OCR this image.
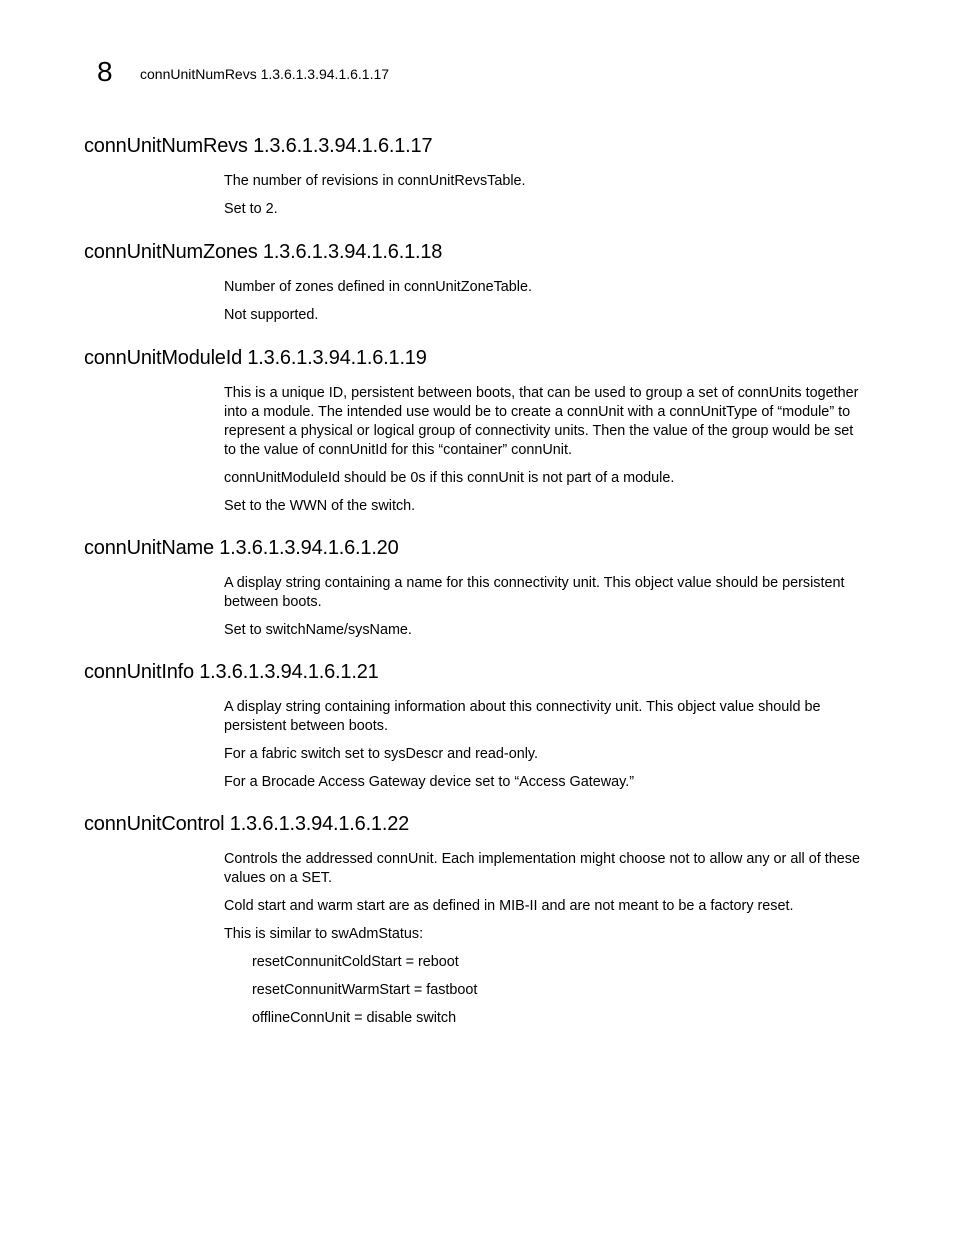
8	connUnitNumRevs 1.3.6.1.3.94.1.6.1.17
connUnitNumRevs 1.3.6.1.3.94.1.6.1.17

The number of revisions in connUnitRevsTable.

Set to 2.

connUnitNumZones 1.3.6.1.3.94.1.6.1.18

Number of zones defined in connUnitZoneTable.

Not supported.

connUnitModuleId 1.3.6.1.3.94.1.6.1.19

This is a unique ID, persistent between boots, that can be used to group a set of connUnits together into a module. The intended use would be to create a connUnit with a connUnitType of “module” to represent a physical or logical group of connectivity units. Then the value of the group would be set to the value of connUnitId for this “container” connUnit.

connUnitModuleId should be 0s if this connUnit is not part of a module.

Set to the WWN of the switch.

connUnitName 1.3.6.1.3.94.1.6.1.20

A display string containing a name for this connectivity unit. This object value should be persistent between boots.

Set to switchName/sysName.

connUnitInfo 1.3.6.1.3.94.1.6.1.21

A display string containing information about this connectivity unit. This object value should be persistent between boots.

For a fabric switch set to sysDescr and read-only.

For a Brocade Access Gateway device set to “Access Gateway.”

connUnitControl 1.3.6.1.3.94.1.6.1.22

Controls the addressed connUnit. Each implementation might choose not to allow any or all of these values on a SET.

Cold start and warm start are as defined in MIB-II and are not meant to be a factory reset.

This is similar to swAdmStatus:

resetConnunitColdStart = reboot

resetConnunitWarmStart = fastboot

offlineConnUnit = disable switch
